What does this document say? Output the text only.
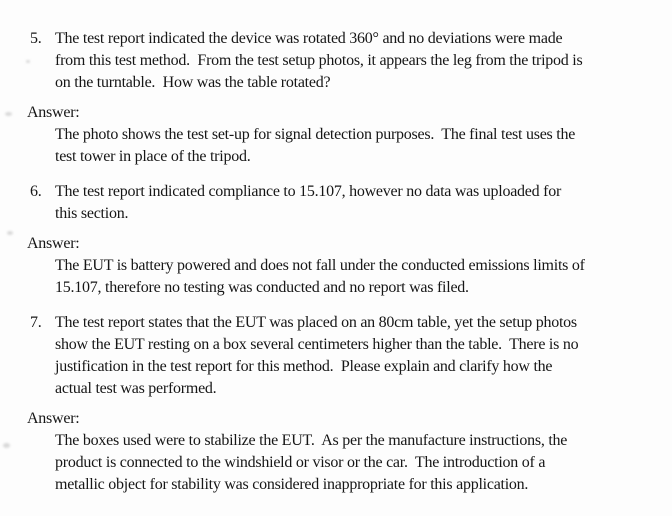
5. The test report indicated the device was rotated 360° and no deviations were made
from this test method.  From the test setup photos, it appears the leg from the tripod is
on the turntable.  How was the table rotated?
Answer:
The photo shows the test set-up for signal detection purposes.  The final test uses the
test tower in place of the tripod.
6. The test report indicated compliance to 15.107, however no data was uploaded for
this section.
Answer:
The EUT is battery powered and does not fall under the conducted emissions limits of
15.107, therefore no testing was conducted and no report was filed.
7. The test report states that the EUT was placed on an 80cm table, yet the setup photos
show the EUT resting on a box several centimeters higher than the table.  There is no
justification in the test report for this method.  Please explain and clarify how the
actual test was performed.
Answer:
The boxes used were to stabilize the EUT.  As per the manufacture instructions, the
product is connected to the windshield or visor or the car.  The introduction of a
metallic object for stability was considered inappropriate for this application.
